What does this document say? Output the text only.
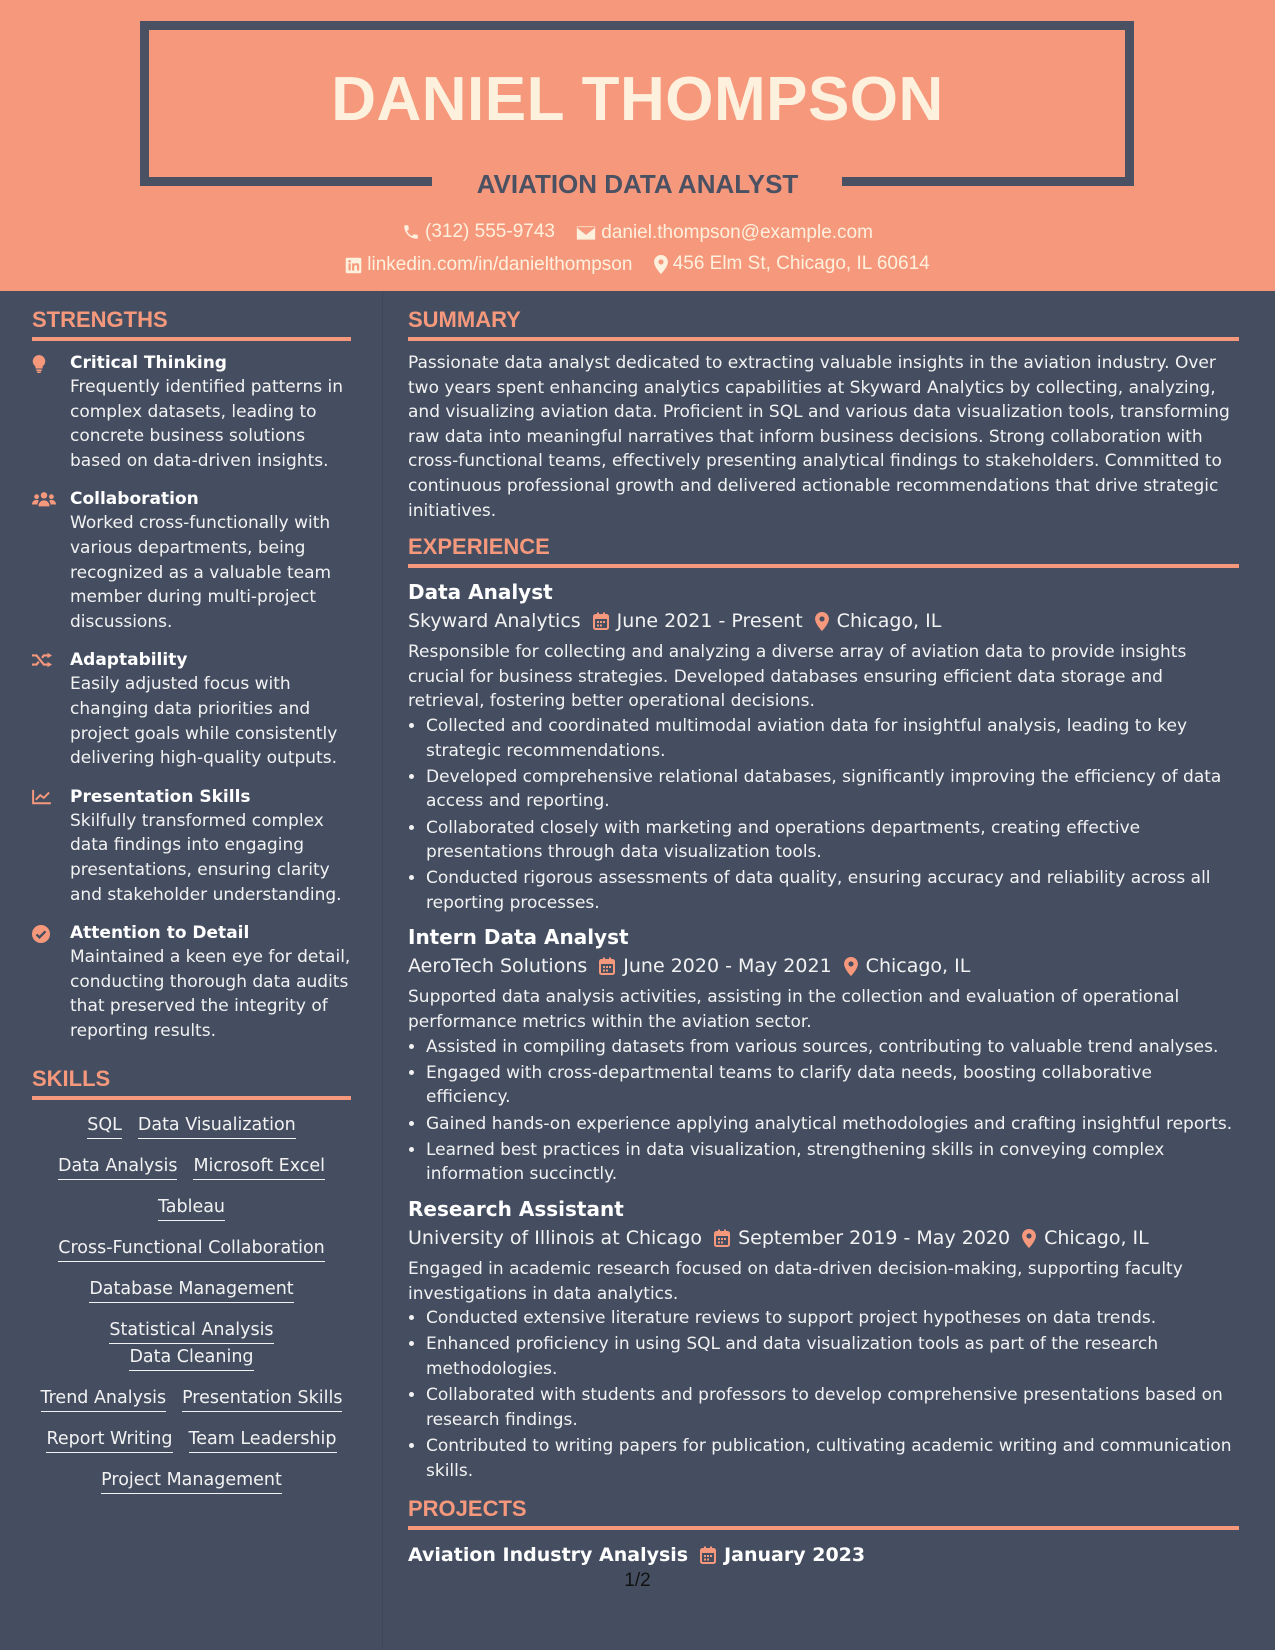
DANIEL THOMPSON
AVIATION DATA ANALYST
(312) 555-9743
daniel.thompson@example.com
linkedin.com/in/danielthompson
456 Elm St, Chicago, IL 60614
STRENGTHS
Critical Thinking
Frequently identified patterns in complex datasets, leading to concrete business solutions based on data-driven insights.
Collaboration
Worked cross-functionally with various departments, being recognized as a valuable team member during multi-project discussions.
Adaptability
Easily adjusted focus with changing data priorities and project goals while consistently delivering high-quality outputs.
Presentation Skills
Skilfully transformed complex data findings into engaging presentations, ensuring clarity and stakeholder understanding.
Attention to Detail
Maintained a keen eye for detail, conducting thorough data audits that preserved the integrity of reporting results.
SKILLS
SQL Data Visualization
Data Analysis Microsoft Excel
Tableau
Cross-Functional Collaboration
Database Management
Statistical AnalysisData Cleaning
Trend Analysis Presentation Skills
Report Writing Team Leadership
Project Management
SUMMARY
Passionate data analyst dedicated to extracting valuable insights in the aviation industry. Over two years spent enhancing analytics capabilities at Skyward Analytics by collecting, analyzing, and visualizing aviation data. Proficient in SQL and various data visualization tools, transforming raw data into meaningful narratives that inform business decisions. Strong collaboration with cross-functional teams, effectively presenting analytical findings to stakeholders. Committed to continuous professional growth and delivered actionable recommendations that drive strategic initiatives.
EXPERIENCE
Data Analyst
Skyward Analytics June 2021 - Present Chicago, IL
Responsible for collecting and analyzing a diverse array of aviation data to provide insights crucial for business strategies. Developed databases ensuring efficient data storage and retrieval, fostering better operational decisions.
• Collected and coordinated multimodal aviation data for insightful analysis, leading to key strategic recommendations.
• Developed comprehensive relational databases, significantly improving the efficiency of data access and reporting.
• Collaborated closely with marketing and operations departments, creating effective presentations through data visualization tools.
• Conducted rigorous assessments of data quality, ensuring accuracy and reliability across all reporting processes.
Intern Data Analyst
AeroTech Solutions June 2020 - May 2021 Chicago, IL
Supported data analysis activities, assisting in the collection and evaluation of operational performance metrics within the aviation sector.
• Assisted in compiling datasets from various sources, contributing to valuable trend analyses.
• Engaged with cross-departmental teams to clarify data needs, boosting collaborative efficiency.
• Gained hands-on experience applying analytical methodologies and crafting insightful reports.
• Learned best practices in data visualization, strengthening skills in conveying complex information succinctly.
Research Assistant
University of Illinois at Chicago September 2019 - May 2020 Chicago, IL
Engaged in academic research focused on data-driven decision-making, supporting faculty investigations in data analytics.
• Conducted extensive literature reviews to support project hypotheses on data trends.
• Enhanced proficiency in using SQL and data visualization tools as part of the research methodologies.
• Collaborated with students and professors to develop comprehensive presentations based on research findings.
• Contributed to writing papers for publication, cultivating academic writing and communication skills.
PROJECTS
Aviation Industry Analysis January 2023
1/2
